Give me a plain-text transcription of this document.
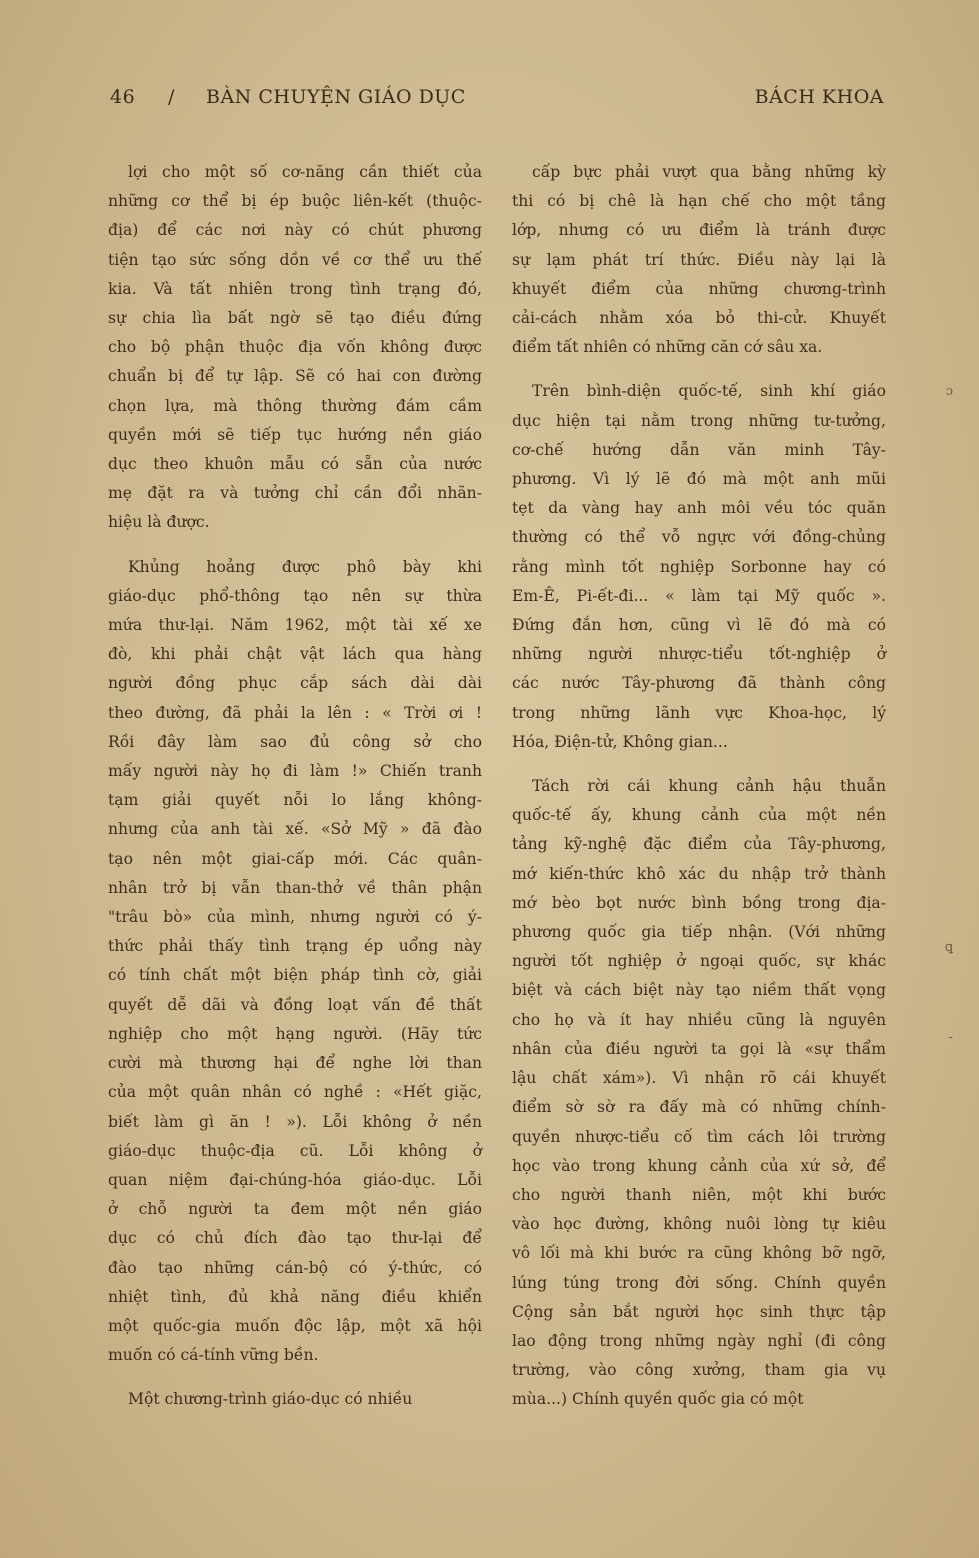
46 / BÀN CHUYỆN GIÁO DỤC	BÁCH KHOA
lợi cho một số cơ-năng cần thiết của
những cơ thể bị ép buộc liên-kết (thuộc-
địa) để các nơi này có chút phương
tiện tạo sức sống dồn về cơ thể ưu thế
kia. Và tất nhiên trong tình trạng đó,
sự chia lìa bất ngờ sẽ tạo điều đứng
cho bộ phận thuộc địa vốn không được
chuẩn bị để tự lập. Sẽ có hai con đường
chọn lựa, mà thông thường đám cầm
quyền mới sẽ tiếp tục hướng nền giáo
dục theo khuôn mẫu có sẵn của nước
mẹ đặt ra và tưởng chỉ cần đổi nhãn-
hiệu là được.
Khủng hoảng được phô bày khi
giáo-dục phổ-thông tạo nên sự thừa
mứa thư-lại. Năm 1962, một tài xế xe
đò, khi phải chật vật lách qua hàng
người đồng phục cắp sách dài dài
theo đường, đã phải la lên : « Trời ơi !
Rồi đây làm sao đủ công sở cho
mấy người này họ đi làm !» Chiến tranh
tạm giải quyết nỗi lo lắng không-
nhưng của anh tài xế. «Sở Mỹ » đã đào
tạo nên một giai-cấp mới. Các quân-
nhân trở bị vẫn than-thở về thân phận
"trâu bò» của mình, nhưng người có ý-
thức phải thấy tình trạng ép uổng này
có tính chất một biện pháp tình cờ, giải
quyết dễ dãi và đồng loạt vấn đề thất
nghiệp cho một hạng người. (Hãy tức
cười mà thương hại để nghe lời than
của một quân nhân có nghề : «Hết giặc,
biết làm gì ăn ! »). Lỗi không ở nền
giáo-dục thuộc-địa cũ. Lỗi không ở
quan niệm đại-chúng-hóa giáo-dục. Lỗi
ở chỗ người ta đem một nền giáo
dục có chủ đích đào tạo thư-lại để
đào tạo những cán-bộ có ý-thức, có
nhiệt tình, đủ khả năng điều khiển
một quốc-gia muốn độc lập, một xã hội
muốn có cá-tính vững bền.
Một chương-trình giáo-dục có nhiều
cấp bực phải vượt qua bằng những kỳ
thi có bị chê là hạn chế cho một tầng
lớp, nhưng có ưu điểm là tránh được
sự lạm phát trí thức. Điều này lại là
khuyết điểm của những chương-trình
cải-cách nhằm xóa bỏ thi-cử. Khuyết
điểm tất nhiên có những căn cớ sâu xa.
Trên bình-diện quốc-tế, sinh khí giáo
dục hiện tại nằm trong những tư-tưởng,
cơ-chế hướng dẫn văn minh Tây-
phương. Vì lý lẽ đó mà một anh mũi
tẹt da vàng hay anh môi vều tóc quăn
thường có thể vỗ ngực với đồng-chủng
rằng mình tốt nghiệp Sorbonne hay có
Em-Ê, Pi-ết-đi... « làm tại Mỹ quốc ».
Đứng đắn hơn, cũng vì lẽ đó mà có
những người nhược-tiểu tốt-nghiệp ở
các nước Tây-phương đã thành công
trong những lãnh vực Khoa-học, lý
Hóa, Điện-tử, Không gian...
Tách rời cái khung cảnh hậu thuẫn
quốc-tế ấy, khung cảnh của một nền
tảng kỹ-nghệ đặc điểm của Tây-phương,
mớ kiến-thức khô xác du nhập trở thành
mớ bèo bọt nước bình bồng trong địa-
phương quốc gia tiếp nhận. (Với những
người tốt nghiệp ở ngoại quốc, sự khác
biệt và cách biệt này tạo niềm thất vọng
cho họ và ít hay nhiều cũng là nguyên
nhân của điều người ta gọi là «sự thẩm
lậu chất xám»). Vì nhận rõ cái khuyết
điểm sờ sờ ra đấy mà có những chính-
quyền nhược-tiểu cố tìm cách lôi trường
học vào trong khung cảnh của xứ sở, để
cho người thanh niên, một khi bước
vào học đường, không nuôi lòng tự kiêu
vô lối mà khi bước ra cũng không bỡ ngỡ,
lúng túng trong đời sống. Chính quyền
Cộng sản bắt người học sinh thực tập
lao động trong những ngày nghỉ (đi công
trường, vào công xưởng, tham gia vụ
mùa...) Chính quyền quốc gia có một
ɔ
ꝗ
-
